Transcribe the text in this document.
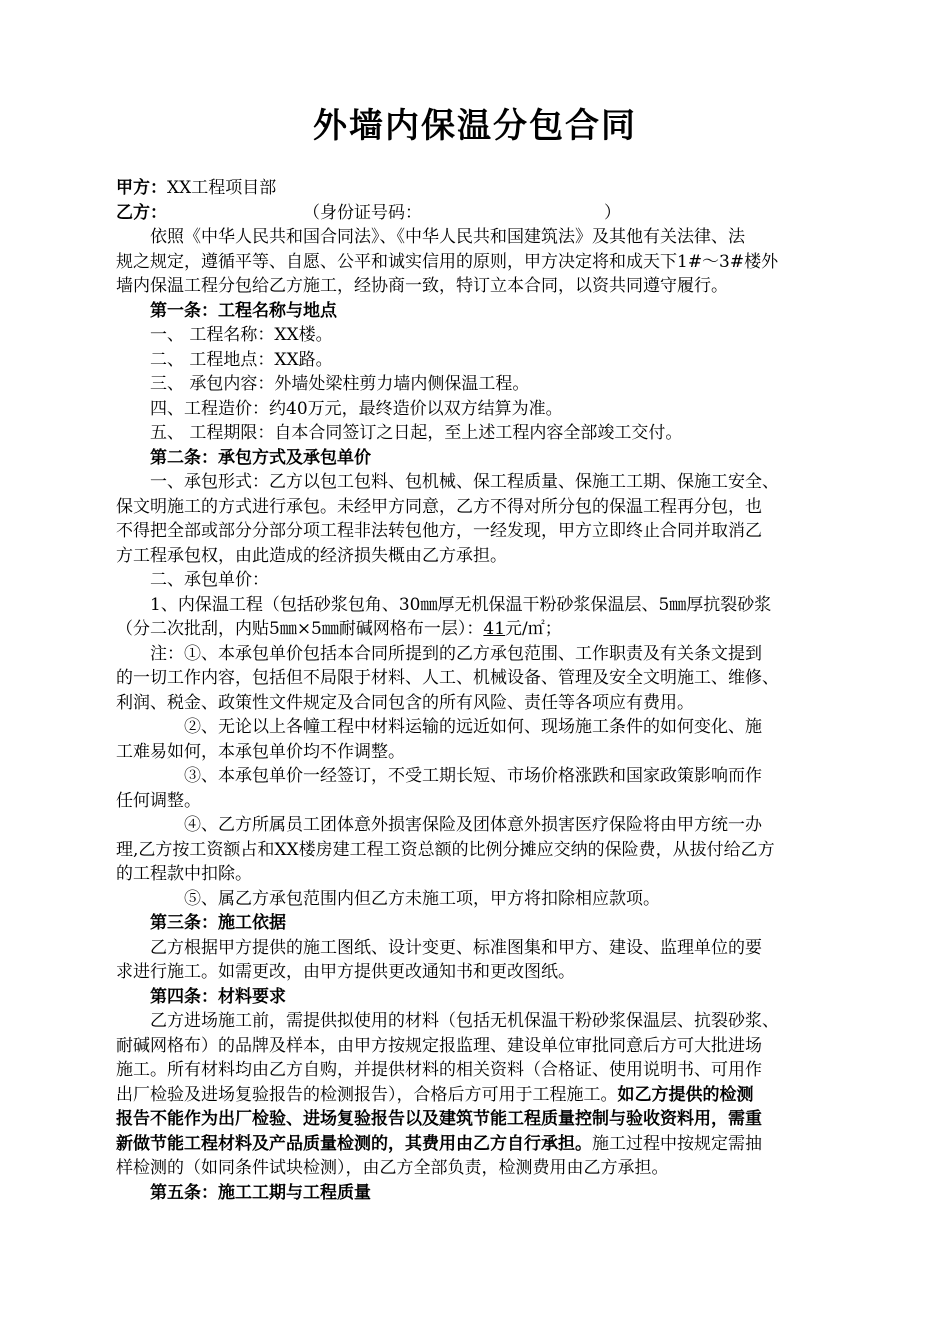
外墙内保温分包合同

甲方：XX工程项目部

乙方：	（身份证号码：	）

依照《中华人民共和国合同法》、《中华人民共和国建筑法》及其他有关法律、法

规之规定，遵循平等、自愿、公平和诚实信用的原则，甲方决定将和成天下1#～3#楼外

墙内保温工程分包给乙方施工，经协商一致，特订立本合同，以资共同遵守履行。

第一条：工程名称与地点

一、 工程名称：XX楼。

二、 工程地点：XX路。

三、 承包内容：外墙处梁柱剪力墙内侧保温工程。

四、工程造价：约40万元，最终造价以双方结算为准。

五、 工程期限：自本合同签订之日起，至上述工程内容全部竣工交付。

第二条：承包方式及承包单价

一、承包形式：乙方以包工包料、包机械、保工程质量、保施工工期、保施工安全、

保文明施工的方式进行承包。未经甲方同意，乙方不得对所分包的保温工程再分包，也

不得把全部或部分分部分项工程非法转包他方，一经发现，甲方立即终止合同并取消乙

方工程承包权，由此造成的经济损失概由乙方承担。

二、承包单价：

1、内保温工程（包括砂浆包角、30㎜厚无机保温干粉砂浆保温层、5㎜厚抗裂砂浆

（分二次批刮，内贴5㎜×5㎜耐碱网格布一层）：41元/㎡；

注：①、本承包单价包括本合同所提到的乙方承包范围、工作职责及有关条文提到

的一切工作内容，包括但不局限于材料、人工、机械设备、管理及安全文明施工、维修、

利润、税金、政策性文件规定及合同包含的所有风险、责任等各项应有费用。

②、无论以上各幢工程中材料运输的远近如何、现场施工条件的如何变化、施

工难易如何，本承包单价均不作调整。

③、本承包单价一经签订，不受工期长短、市场价格涨跌和国家政策影响而作

任何调整。

④、乙方所属员工团体意外损害保险及团体意外损害医疗保险将由甲方统一办

理,乙方按工资额占和XX楼房建工程工资总额的比例分摊应交纳的保险费，从拔付给乙方

的工程款中扣除。

⑤、属乙方承包范围内但乙方未施工项，甲方将扣除相应款项。

第三条：施工依据

乙方根据甲方提供的施工图纸、设计变更、标准图集和甲方、建设、监理单位的要

求进行施工。如需更改，由甲方提供更改通知书和更改图纸。

第四条：材料要求

乙方进场施工前，需提供拟使用的材料（包括无机保温干粉砂浆保温层、抗裂砂浆、

耐碱网格布）的品牌及样本，由甲方按规定报监理、建设单位审批同意后方可大批进场

施工。所有材料均由乙方自购，并提供材料的相关资料（合格证、使用说明书、可用作

出厂检验及进场复验报告的检测报告），合格后方可用于工程施工。如乙方提供的检测

报告不能作为出厂检验、进场复验报告以及建筑节能工程质量控制与验收资料用，需重

新做节能工程材料及产品质量检测的，其费用由乙方自行承担。施工过程中按规定需抽

样检测的（如同条件试块检测），由乙方全部负责，检测费用由乙方承担。

第五条：施工工期与工程质量
